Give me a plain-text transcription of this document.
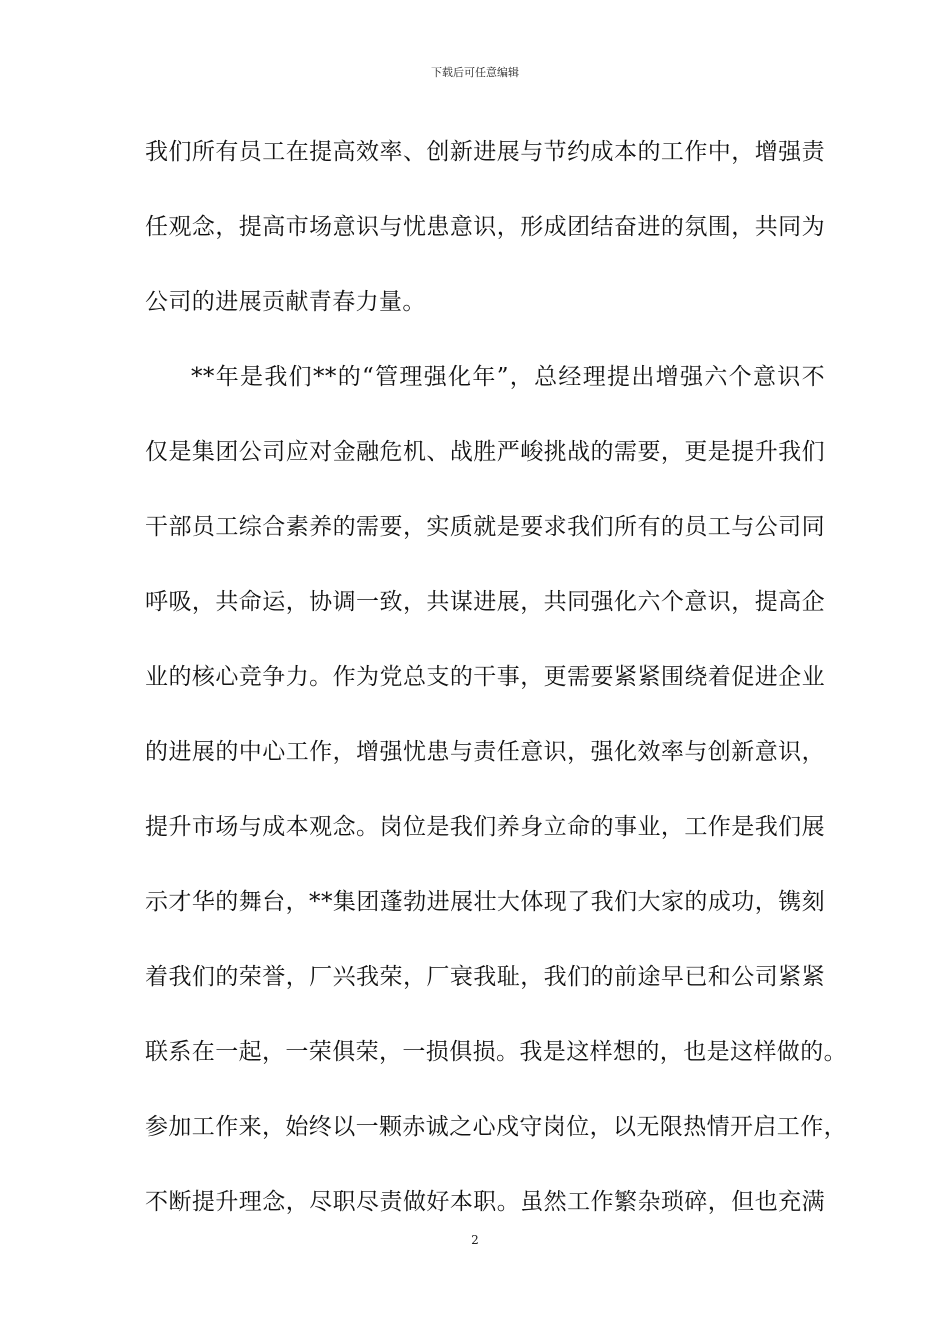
下载后可任意编辑
我们所有员工在提高效率、创新进展与节约成本的工作中，增强责
任观念，提高市场意识与忧患意识，形成团结奋进的氛围，共同为
公司的进展贡献青春力量。
**年是我们**的“管理强化年”，总经理提出增强六个意识不
仅是集团公司应对金融危机、战胜严峻挑战的需要，更是提升我们
干部员工综合素养的需要，实质就是要求我们所有的员工与公司同
呼吸，共命运，协调一致，共谋进展，共同强化六个意识，提高企
业的核心竞争力。作为党总支的干事，更需要紧紧围绕着促进企业
的进展的中心工作，增强忧患与责任意识，强化效率与创新意识，
提升市场与成本观念。岗位是我们养身立命的事业，工作是我们展
示才华的舞台，**集团蓬勃进展壮大体现了我们大家的成功，镌刻
着我们的荣誉，厂兴我荣，厂衰我耻，我们的前途早已和公司紧紧
联系在一起，一荣俱荣，一损俱损。我是这样想的，也是这样做的。
参加工作来，始终以一颗赤诚之心戍守岗位，以无限热情开启工作，
不断提升理念，尽职尽责做好本职。虽然工作繁杂琐碎，但也充满
2
